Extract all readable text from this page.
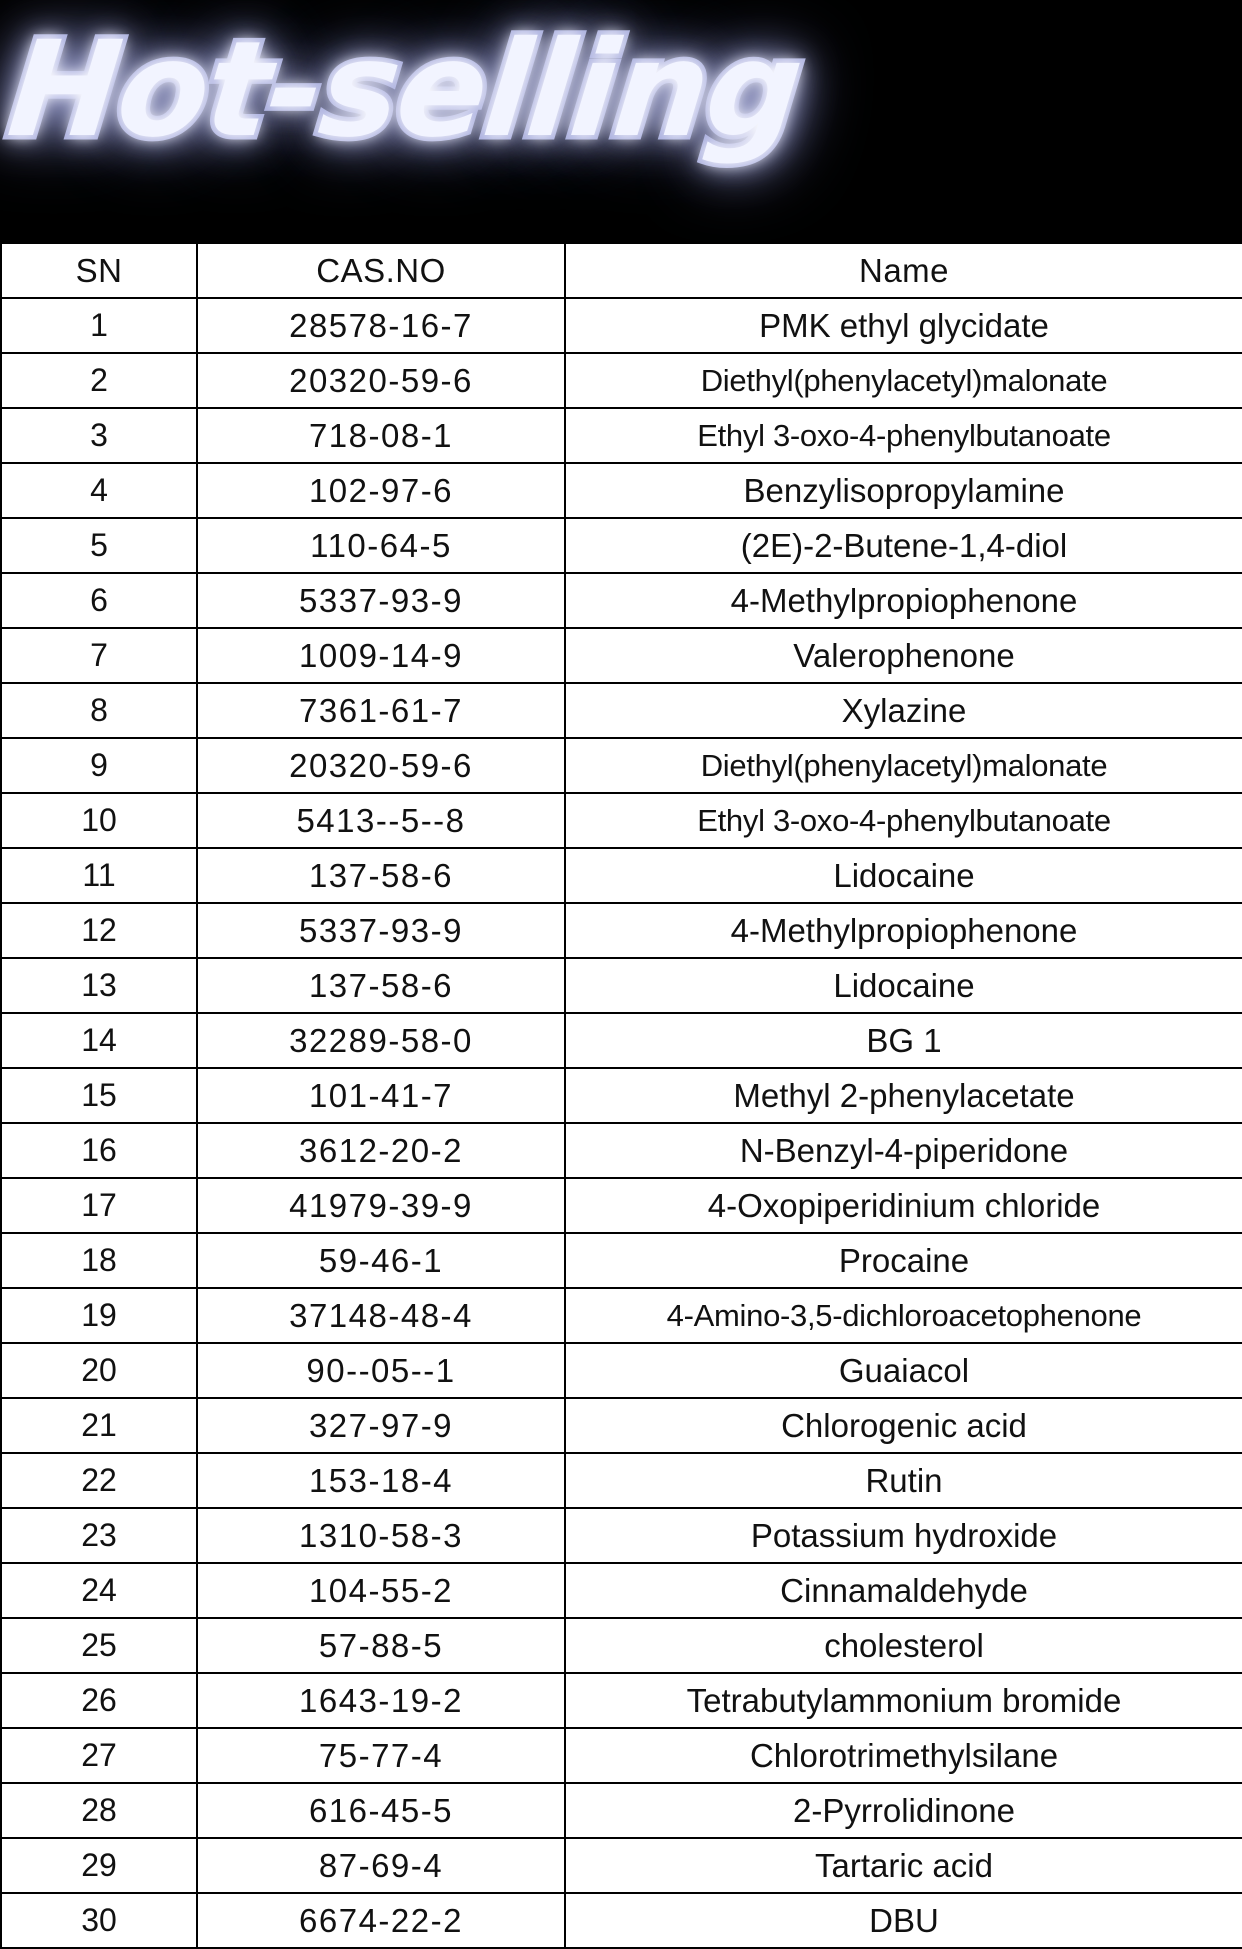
Hot-selling
SN	CAS.NO	Name
1	28578-16-7	PMK ethyl glycidate
2	20320-59-6	Diethyl(phenylacetyl)malonate
3	718-08-1	Ethyl 3-oxo-4-phenylbutanoate
4	102-97-6	Benzylisopropylamine
5	110-64-5	(2E)-2-Butene-1,4-diol
6	5337-93-9	4-Methylpropiophenone
7	1009-14-9	Valerophenone
8	7361-61-7	Xylazine
9	20320-59-6	Diethyl(phenylacetyl)malonate
10	5413--5--8	Ethyl 3-oxo-4-phenylbutanoate
11	137-58-6	Lidocaine
12	5337-93-9	4-Methylpropiophenone
13	137-58-6	Lidocaine
14	32289-58-0	BG 1
15	101-41-7	Methyl 2-phenylacetate
16	3612-20-2	N-Benzyl-4-piperidone
17	41979-39-9	4-Oxopiperidinium chloride
18	59-46-1	Procaine
19	37148-48-4	4-Amino-3,5-dichloroacetophenone
20	90--05--1	Guaiacol
21	327-97-9	Chlorogenic acid
22	153-18-4	Rutin
23	1310-58-3	Potassium hydroxide
24	104-55-2	Cinnamaldehyde
25	57-88-5	cholesterol
26	1643-19-2	Tetrabutylammonium bromide
27	75-77-4	Chlorotrimethylsilane
28	616-45-5	2-Pyrrolidinone
29	87-69-4	Tartaric acid
30	6674-22-2	DBU
